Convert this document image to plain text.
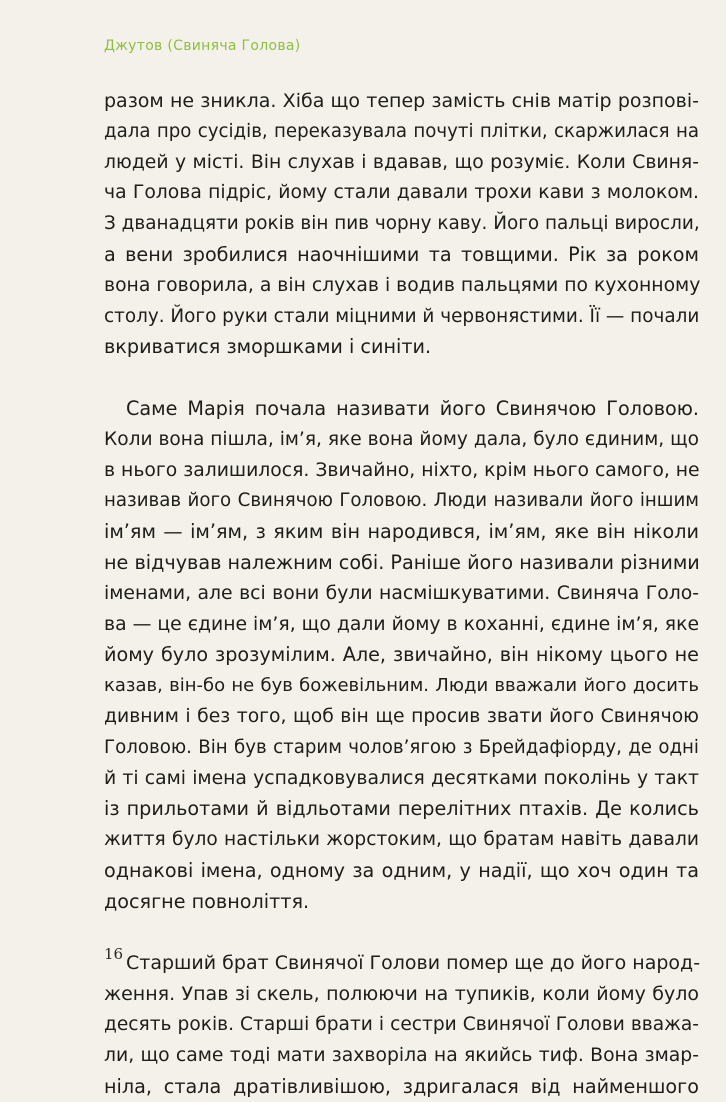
Джутов (Свиняча Голова)
разом не зникла. Хіба що тепер замість снів матір розпові-
дала про сусідів, переказувала почуті плітки, скаржилася на
людей у місті. Він слухав і вдавав, що розуміє. Коли Свиня-
ча Голова підріс, йому стали давали трохи кави з молоком.
З дванадцяти років він пив чорну каву. Його пальці виросли,
а вени зробилися наочнішими та товщими. Рік за роком
вона говорила, а він слухав і водив пальцями по кухонному
столу. Його руки стали міцними й червонястими. Її — почали
вкриватися зморшками і синіти.
Саме Марія почала називати його Свинячою Головою.
Коли вона пішла, ім’я, яке вона йому дала, було єдиним, що
в нього залишилося. Звичайно, ніхто, крім нього самого, не
називав його Свинячою Головою. Люди називали його іншим
ім’ям — ім’ям, з яким він народився, ім’ям, яке він ніколи
не відчував належним собі. Раніше його називали різними
іменами, але всі вони були насмішкуватими. Свиняча Голо-
ва — це єдине ім’я, що дали йому в коханні, єдине ім’я, яке
йому було зрозумілим. Але, звичайно, він нікому цього не
казав, він-бо не був божевільним. Люди вважали його досить
дивним і без того, щоб він ще просив звати його Свинячою
Головою. Він був старим чолов’ягою з Брейдафіорду, де одні
й ті самі імена успадковувалися десятками поколінь у такт
із прильотами й відльотами перелітних птахів. Де колись
життя було настільки жорстоким, що братам навіть давали
однакові імена, одному за одним, у надії, що хоч один та
досягне повноліття.
Старший брат Свинячої Голови помер ще до його народ-
ження. Упав зі скель, полюючи на тупиків, коли йому було
десять років. Старші брати і сестри Свинячої Голови вважа-
ли, що саме тоді мати захворіла на якийсь тиф. Вона змар-
ніла, стала дратівливішою, здригалася від найменшого
16
